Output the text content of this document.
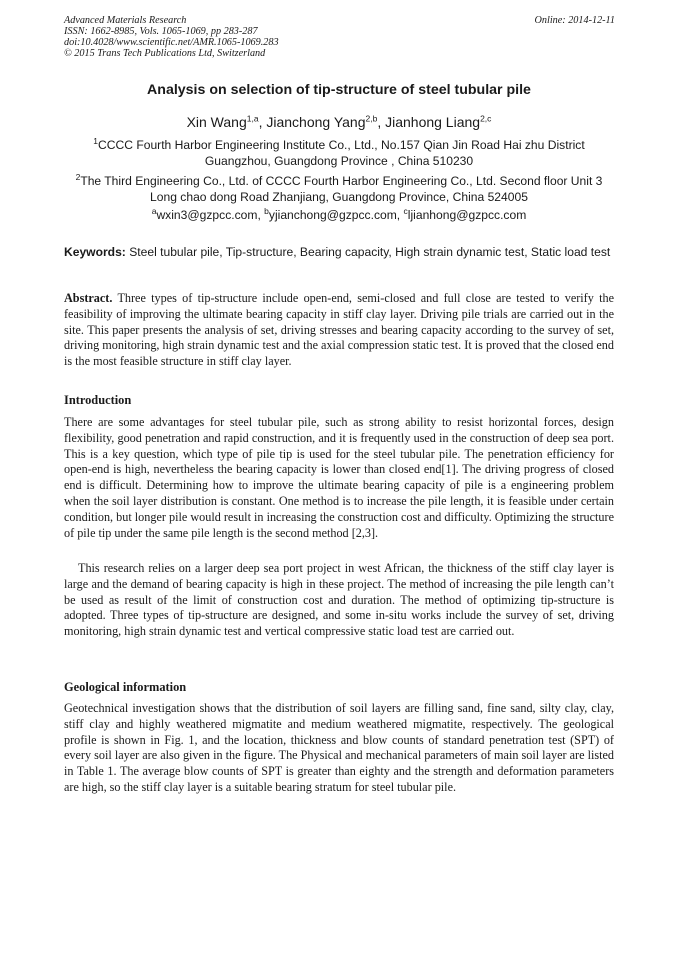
Advanced Materials Research
ISSN: 1662-8985, Vols. 1065-1069, pp 283-287
doi:10.4028/www.scientific.net/AMR.1065-1069.283
© 2015 Trans Tech Publications Ltd, Switzerland
Online: 2014-12-11
Analysis on selection of tip-structure of steel tubular pile
Xin Wang$^{1,a}$, Jianchong Yang$^{2,b}$, Jianhong Liang$^{2,c}$
$^1$CCCC Fourth Harbor Engineering Institute Co., Ltd., No.157 Qian Jin Road Hai zhu District Guangzhou, Guangdong Province , China 510230
$^2$The Third Engineering Co., Ltd. of CCCC Fourth Harbor Engineering Co., Ltd. Second floor Unit 3 Long chao dong Road Zhanjiang, Guangdong Province, China 524005
$^a$wxin3@gzpcc.com, $^b$yjianchong@gzpcc.com, $^c$ljianhong@gzpcc.com
Keywords: Steel tubular pile, Tip-structure, Bearing capacity, High strain dynamic test, Static load test
Abstract. Three types of tip-structure include open-end, semi-closed and full close are tested to verify the feasibility of improving the ultimate bearing capacity in stiff clay layer. Driving pile trials are carried out in the site. This paper presents the analysis of set, driving stresses and bearing capacity according to the survey of set, driving monitoring, high strain dynamic test and the axial compression static test. It is proved that the closed end is the most feasible structure in stiff clay layer.
Introduction
There are some advantages for steel tubular pile, such as strong ability to resist horizontal forces, design flexibility, good penetration and rapid construction, and it is frequently used in the construction of deep sea port. This is a key question, which type of pile tip is used for the steel tubular pile. The penetration efficiency for open-end is high, nevertheless the bearing capacity is lower than closed end[1]. The driving progress of closed end is difficult. Determining how to improve the ultimate bearing capacity of pile is a engineering problem when the soil layer distribution is constant. One method is to increase the pile length, it is feasible under certain condition, but longer pile would result in increasing the construction cost and difficulty. Optimizing the structure of pile tip under the same pile length is the second method [2,3].
This research relies on a larger deep sea port project in west African, the thickness of the stiff clay layer is large and the demand of bearing capacity is high in these project. The method of increasing the pile length can’t be used as result of the limit of construction cost and duration. The method of optimizing tip-structure is adopted. Three types of tip-structure are designed, and some in-situ works include the survey of set, driving monitoring, high strain dynamic test and vertical compressive static load test are carried out.
Geological information
Geotechnical investigation shows that the distribution of soil layers are filling sand, fine sand, silty clay, clay, stiff clay and highly weathered migmatite and medium weathered migmatite, respectively. The geological profile is shown in Fig. 1, and the location, thickness and blow counts of standard penetration test (SPT) of every soil layer are also given in the figure. The Physical and mechanical parameters of main soil layer are listed in Table 1. The average blow counts of SPT is greater than eighty and the strength and deformation parameters are high, so the stiff clay layer is a suitable bearing stratum for steel tubular pile.
